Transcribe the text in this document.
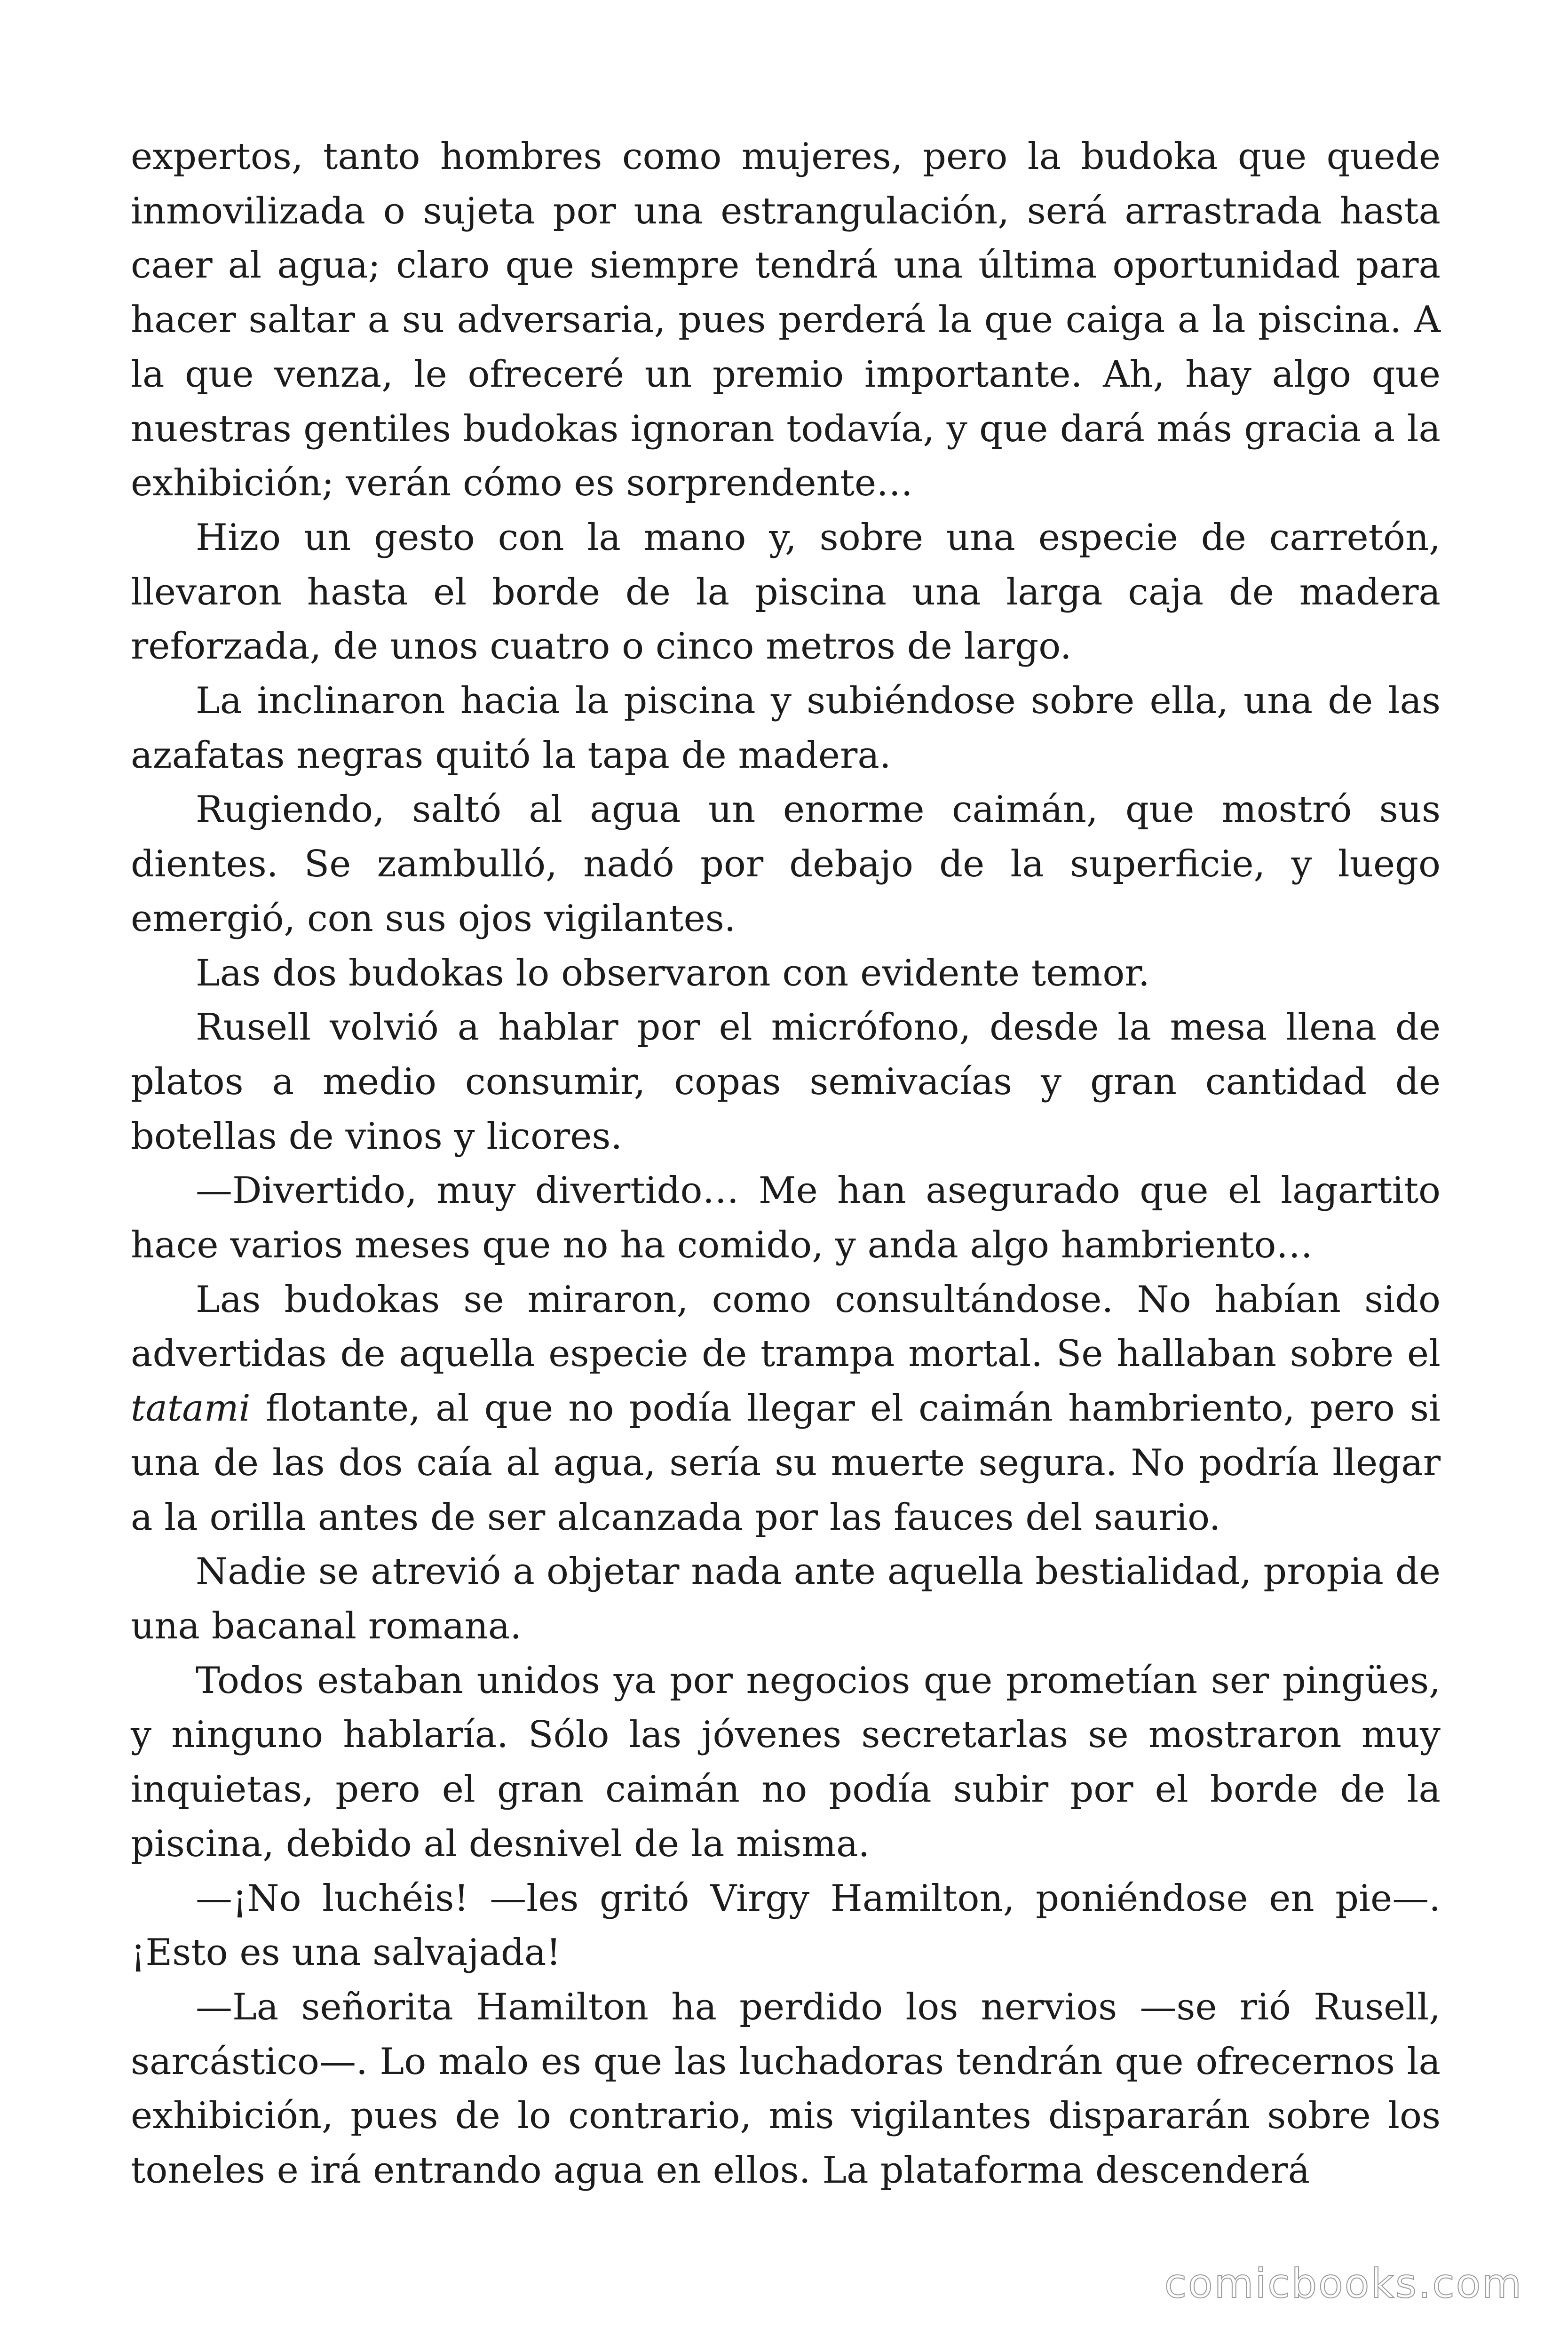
expertos, tanto hombres como mujeres, pero la budoka que quede inmovilizada o sujeta por una estrangulación, será arrastrada hasta caer al agua; claro que siempre tendrá una última oportunidad para hacer saltar a su adversaria, pues perderá la que caiga a la piscina. A la que venza, le ofreceré un premio importante. Ah, hay algo que nuestras gentiles budokas ignoran todavía, y que dará más gracia a la exhibición; verán cómo es sorprendente…

Hizo un gesto con la mano y, sobre una especie de carretón, llevaron hasta el borde de la piscina una larga caja de madera reforzada, de unos cuatro o cinco metros de largo.

La inclinaron hacia la piscina y subiéndose sobre ella, una de las azafatas negras quitó la tapa de madera.

Rugiendo, saltó al agua un enorme caimán, que mostró sus dientes. Se zambulló, nadó por debajo de la superficie, y luego emergió, con sus ojos vigilantes.

Las dos budokas lo observaron con evidente temor.

Rusell volvió a hablar por el micrófono, desde la mesa llena de platos a medio consumir, copas semivacías y gran cantidad de botellas de vinos y licores.

—Divertido, muy divertido… Me han asegurado que el lagartito hace varios meses que no ha comido, y anda algo hambriento…

Las budokas se miraron, como consultándose. No habían sido advertidas de aquella especie de trampa mortal. Se hallaban sobre el tatami flotante, al que no podía llegar el caimán hambriento, pero si una de las dos caía al agua, sería su muerte segura. No podría llegar a la orilla antes de ser alcanzada por las fauces del saurio.

Nadie se atrevió a objetar nada ante aquella bestialidad, propia de una bacanal romana.

Todos estaban unidos ya por negocios que prometían ser pingües, y ninguno hablaría. Sólo las jóvenes secretarlas se mostraron muy inquietas, pero el gran caimán no podía subir por el borde de la piscina, debido al desnivel de la misma.

—¡No luchéis! —les gritó Virgy Hamilton, poniéndose en pie—. ¡Esto es una salvajada!

—La señorita Hamilton ha perdido los nervios —se rió Rusell, sarcástico—. Lo malo es que las luchadoras tendrán que ofrecernos la exhibición, pues de lo contrario, mis vigilantes dispararán sobre los toneles e irá entrando agua en ellos. La plataforma descenderá

comicbooks.com
